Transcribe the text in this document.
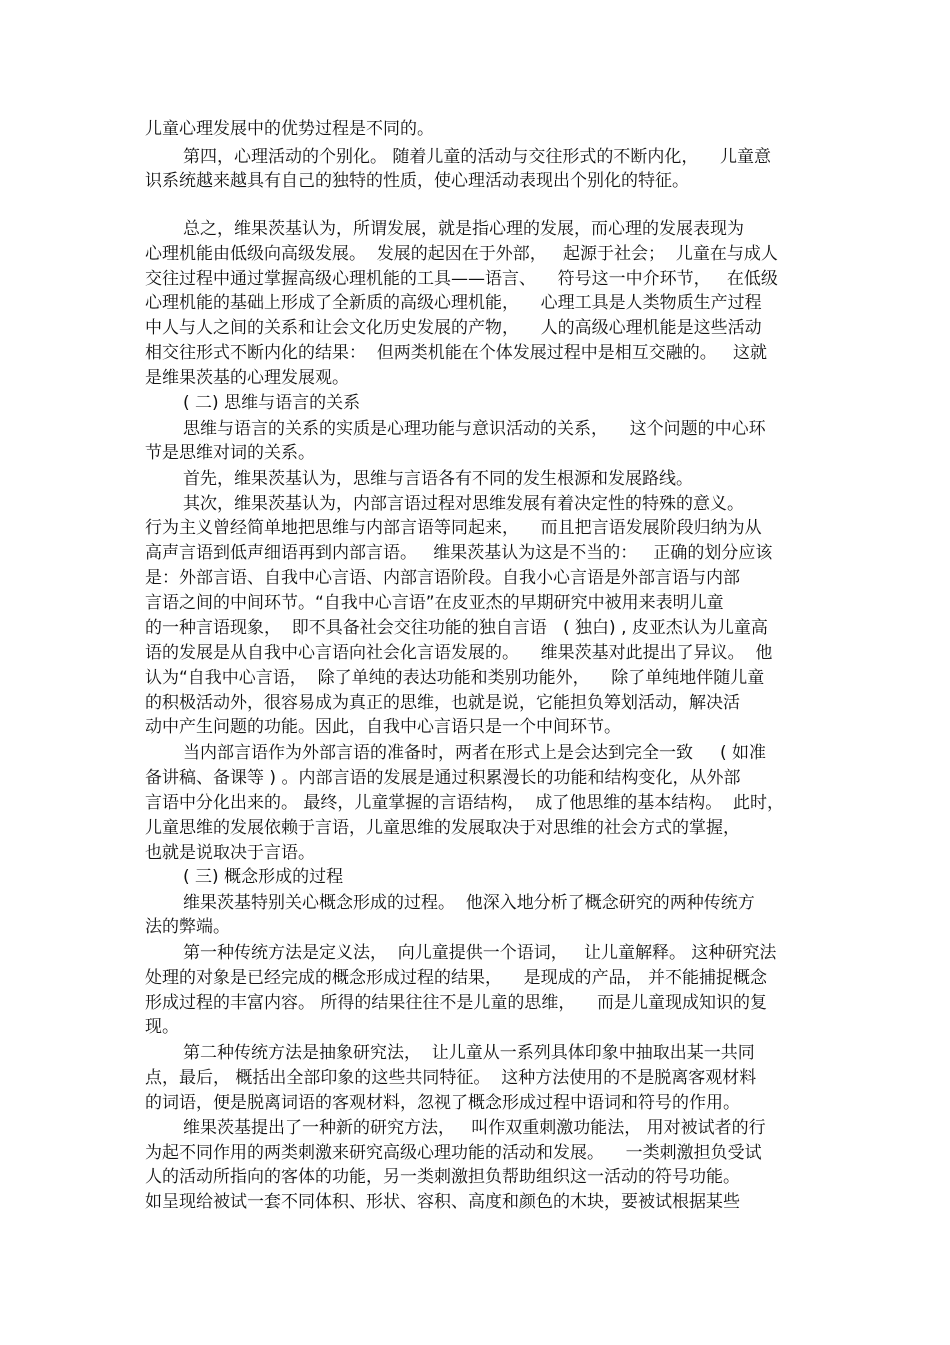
儿童心理发展中的优势过程是不同的。
第四，心理活动的个别化。 随着儿童的活动与交往形式的不断内化，    儿童意
识系统越来越具有自己的独特的性质，使心理活动表现出个别化的特征。
总之，维果茨基认为，所谓发展，就是指心理的发展，而心理的发展表现为
心理机能由低级向高级发展。  发展的起因在于外部，   起源于社会；  儿童在与成人
交往过程中通过掌握高级心理机能的工具——语言、    符号这一中介环节，   在低级
心理机能的基础上形成了全新质的高级心理机能，    心理工具是人类物质生产过程
中人与人之间的关系和让会文化历史发展的产物，    人的高级心理机能是这些活动
相交往形式不断内化的结果：  但两类机能在个体发展过程中是相互交融的。   这就
是维果茨基的心理发展观。
( 二) 思维与语言的关系
思维与语言的关系的实质是心理功能与意识活动的关系，    这个问题的中心环
节是思维对词的关系。
首先，维果茨基认为，思维与言语各有不同的发生根源和发展路线。
其次，维果茨基认为，内部言语过程对思维发展有着决定性的特殊的意义。
行为主义曾经简单地把思维与内部言语等同起来，    而且把言语发展阶段归纳为从
高声言语到低声细语再到内部言语。   维果茨基认为这是不当的：   正确的划分应该
是：外部言语、自我中心言语、内部言语阶段。自我小心言语是外部言语与内部
言语之间的中间环节。“自我中心言语”在皮亚杰的早期研究中被用来表明儿童
的一种言语现象，  即不具备社会交往功能的独自言语   ( 独白) , 皮亚杰认为儿童高
语的发展是从自我中心言语向社会化言语发展的。    维果茨基对此提出了异议。  他
认为“自我中心言语，  除了单纯的表达功能和类别功能外，    除了单纯地伴随儿童
的积极活动外，很容易成为真正的思维，也就是说，它能担负筹划活动，解决活
动中产生问题的功能。因此，自我中心言语只是一个中间环节。
当内部言语作为外部言语的准备时，两者在形式上是会达到完全一致     ( 如准
备讲稿、备课等 ) 。内部言语的发展是通过积累漫长的功能和结构变化，从外部
言语中分化出来的。 最终，儿童掌握的言语结构，  成了他思维的基本结构。  此时，
儿童思维的发展依赖于言语，儿童思维的发展取决于对思维的社会方式的掌握，
也就是说取决于言语。
( 三) 概念形成的过程
维果茨基特别关心概念形成的过程。  他深入地分析了概念研究的两种传统方
法的弊端。
第一种传统方法是定义法，  向儿童提供一个语词，   让儿童解释。 这种研究法
处理的对象是已经完成的概念形成过程的结果，    是现成的产品， 并不能捕捉概念
形成过程的丰富内容。 所得的结果往往不是儿童的思维，    而是儿童现成知识的复
现。
第二种传统方法是抽象研究法，  让儿童从一系列具体印象中抽取出某一共同
点，最后， 概括出全部印象的这些共同特征。  这种方法使用的不是脱离客观材料
的词语，便是脱离词语的客观材料，忽视了概念形成过程中语词和符号的作用。
维果茨基提出了一种新的研究方法，   叫作双重刺激功能法， 用对被试者的行
为起不同作用的两类刺激来研究高级心理功能的活动和发展。    一类刺激担负受试
人的活动所指向的客体的功能，另一类刺激担负帮助组织这一活动的符号功能。
如呈现给被试一套不同体积、形状、容积、高度和颜色的木块，要被试根据某些
